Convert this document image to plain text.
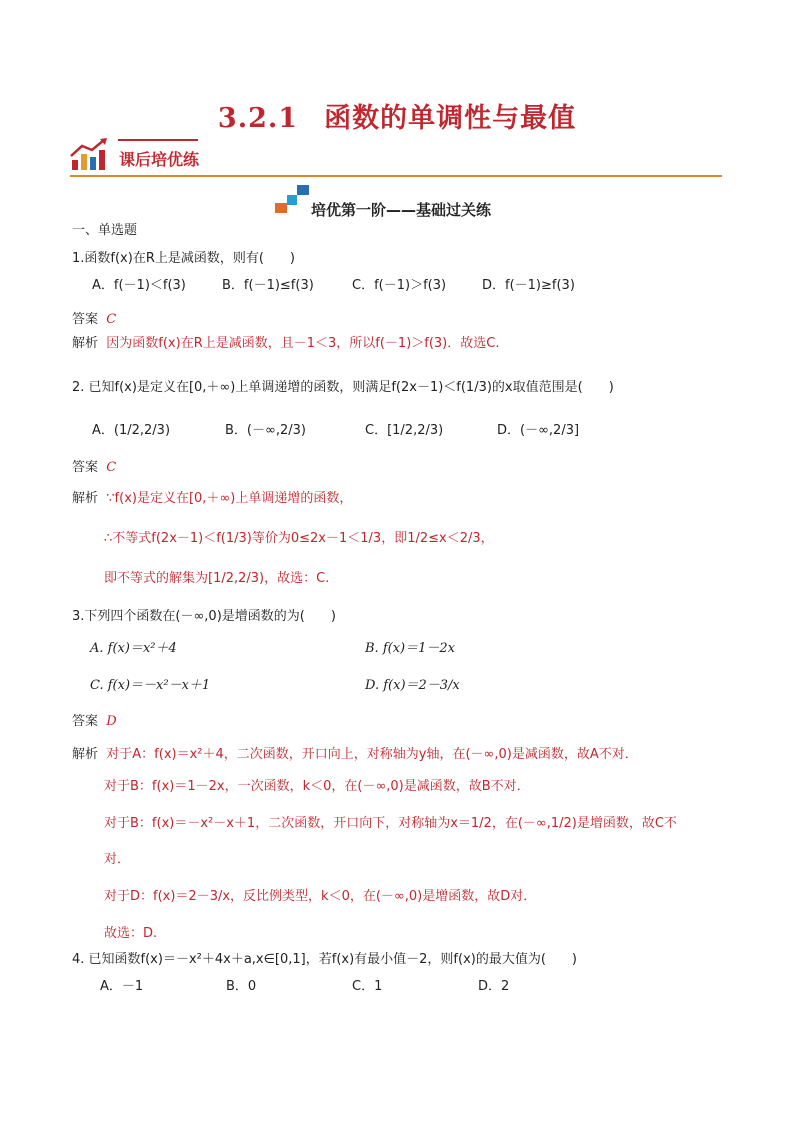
3.2.1 函数的单调性与最值
课后培优练
培优第一阶——基础过关练
一、单选题
1.函数f(x)在R上是减函数，则有(　　)
A．f(－1)＜f(3)	B．f(－1)≤f(3)	C．f(－1)＞f(3)	D．f(－1)≥f(3)
答案 C
解析 因为函数f(x)在R上是减函数，且－1＜3，所以f(－1)＞f(3)．故选C.
2. 已知f(x)是定义在[0,＋∞)上单调递增的函数，则满足f(2x－1)＜f(1/3)的x取值范围是(　　)
A．(1/2,2/3)	B．(－∞,2/3)	C．[1/2,2/3)	D．(－∞,2/3]
答案 C
解析 ∵f(x)是定义在[0,＋∞)上单调递增的函数，
∴不等式f(2x－1)＜f(1/3)等价为0≤2x－1＜1/3，即1/2≤x＜2/3，
即不等式的解集为[1/2,2/3)，故选：C.
3.下列四个函数在(－∞,0)是增函数的为(　　)
A. f(x)＝x²＋4	B. f(x)＝1－2x
C. f(x)＝－x²－x＋1	D. f(x)＝2－3/x
答案 D
解析 对于A：f(x)＝x²＋4，二次函数，开口向上，对称轴为y轴，在(－∞,0)是减函数，故A不对．
对于B：f(x)＝1－2x，一次函数，k＜0，在(－∞,0)是减函数，故B不对．
对于B：f(x)＝－x²－x＋1，二次函数，开口向下，对称轴为x＝1/2，在(－∞,1/2)是增函数，故C不
对．
对于D：f(x)＝2－3/x，反比例类型，k＜0，在(－∞,0)是增函数，故D对．
故选：D.
4. 已知函数f(x)＝－x²＋4x＋a,x∈[0,1]，若f(x)有最小值－2，则f(x)的最大值为(　　)
A．－1	B．0	C．1	D．2
